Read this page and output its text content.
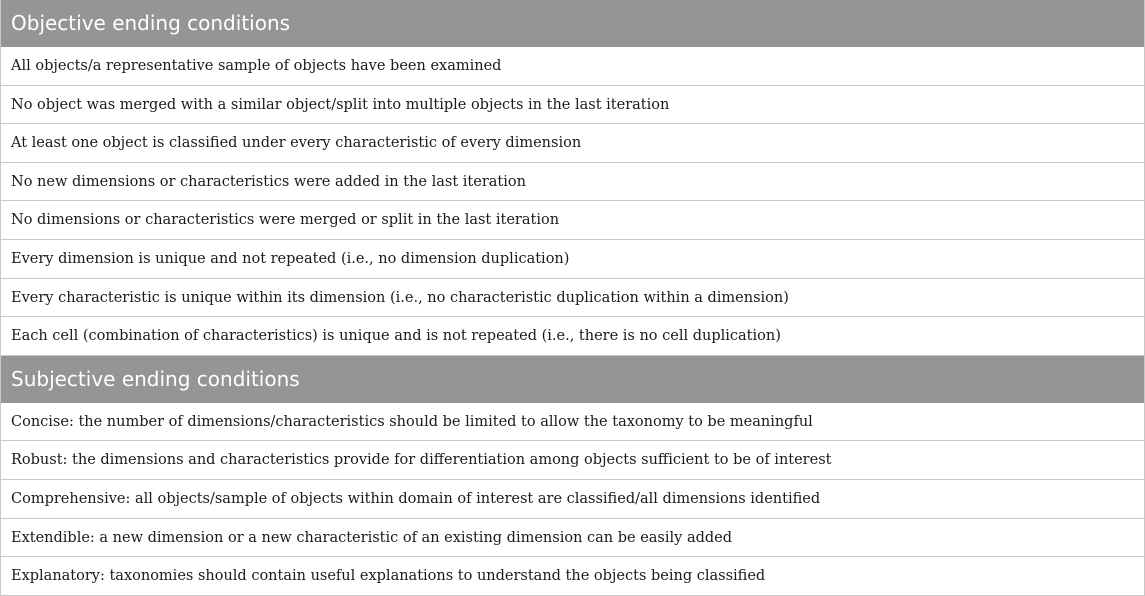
Objective ending conditions
All objects/a representative sample of objects have been examined
No object was merged with a similar object/split into multiple objects in the last iteration
At least one object is classified under every characteristic of every dimension
No new dimensions or characteristics were added in the last iteration
No dimensions or characteristics were merged or split in the last iteration
Every dimension is unique and not repeated (i.e., no dimension duplication)
Every characteristic is unique within its dimension (i.e., no characteristic duplication within a dimension)
Each cell (combination of characteristics) is unique and is not repeated (i.e., there is no cell duplication)
Subjective ending conditions
Concise: the number of dimensions/characteristics should be limited to allow the taxonomy to be meaningful
Robust: the dimensions and characteristics provide for differentiation among objects sufficient to be of interest
Comprehensive: all objects/sample of objects within domain of interest are classified/all dimensions identified
Extendible: a new dimension or a new characteristic of an existing dimension can be easily added
Explanatory: taxonomies should contain useful explanations to understand the objects being classified
